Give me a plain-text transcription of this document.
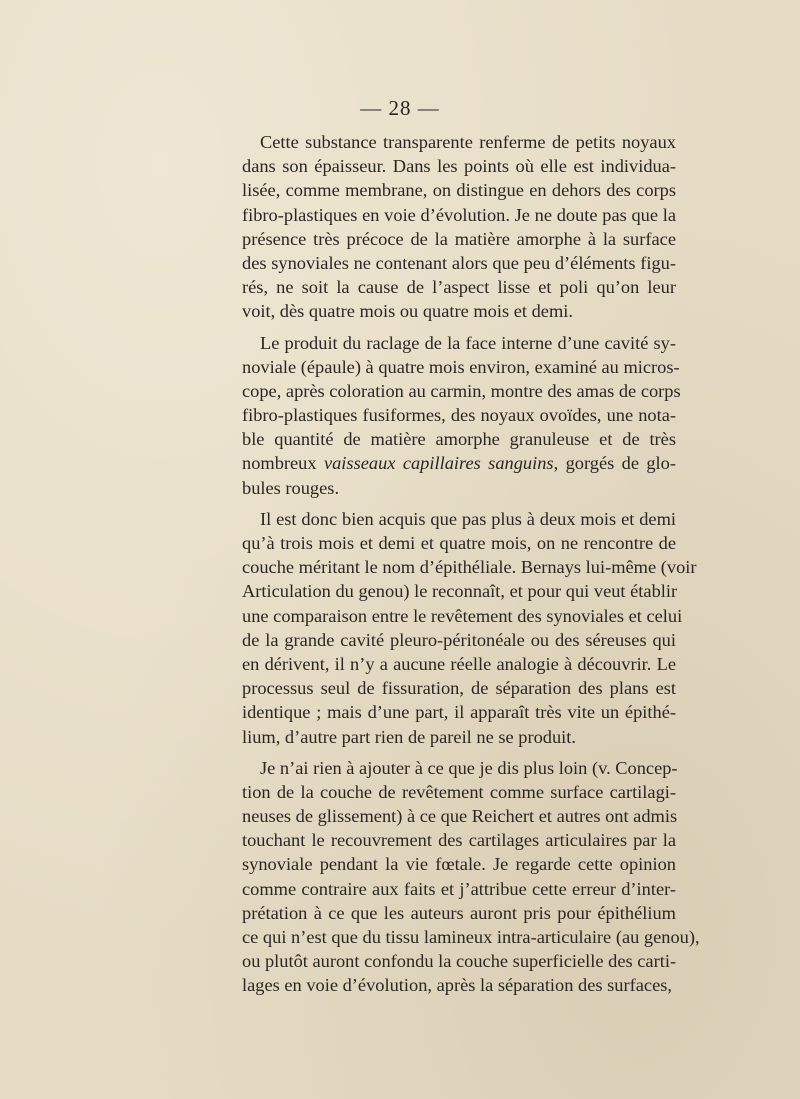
— 28 —

Cette substance transparente renferme de petits noyaux
dans son épaisseur. Dans les points où elle est individua-
lisée, comme membrane, on distingue en dehors des corps
fibro-plastiques en voie d’évolution. Je ne doute pas que la
présence très précoce de la matière amorphe à la surface
des synoviales ne contenant alors que peu d’éléments figu-
rés, ne soit la cause de l’aspect lisse et poli qu’on leur
voit, dès quatre mois ou quatre mois et demi.

Le produit du raclage de la face interne d’une cavité sy-
noviale (épaule) à quatre mois environ, examiné au micros-
cope, après coloration au carmin, montre des amas de corps
fibro-plastiques fusiformes, des noyaux ovoïdes, une nota-
ble quantité de matière amorphe granuleuse et de très
nombreux vaisseaux capillaires sanguins, gorgés de glo-
bules rouges.

Il est donc bien acquis que pas plus à deux mois et demi
qu’à trois mois et demi et quatre mois, on ne rencontre de
couche méritant le nom d’épithéliale. Bernays lui-même (voir
Articulation du genou) le reconnaît, et pour qui veut établir
une comparaison entre le revêtement des synoviales et celui
de la grande cavité pleuro-péritonéale ou des séreuses qui
en dérivent, il n’y a aucune réelle analogie à découvrir. Le
processus seul de fissuration, de séparation des plans est
identique ; mais d’une part, il apparaît très vite un épithé-
lium, d’autre part rien de pareil ne se produit.

Je n’ai rien à ajouter à ce que je dis plus loin (v. Concep-
tion de la couche de revêtement comme surface cartilagi-
neuses de glissement) à ce que Reichert et autres ont admis
touchant le recouvrement des cartilages articulaires par la
synoviale pendant la vie fœtale. Je regarde cette opinion
comme contraire aux faits et j’attribue cette erreur d’inter-
prétation à ce que les auteurs auront pris pour épithélium
ce qui n’est que du tissu lamineux intra-articulaire (au genou),
ou plutôt auront confondu la couche superficielle des carti-
lages en voie d’évolution, après la séparation des surfaces,
